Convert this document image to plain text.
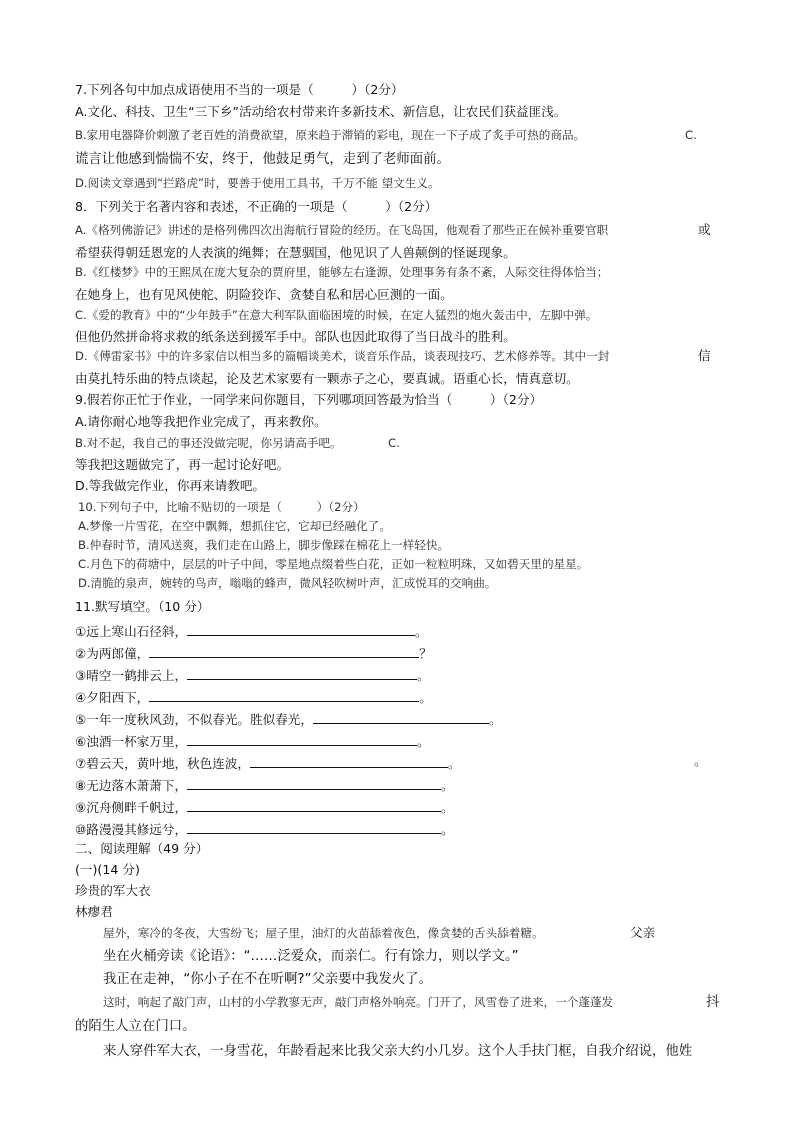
7.下列各句中加点成语使用不当的一项是（　　　）（2分）
A.文化、科技、卫生“三下乡”活动给农村带来许多新技术、新信息，让农民们获益匪浅。
B.家用电器降价刺激了老百姓的消费欲望，原来趋于滞销的彩电，现在一下子成了炙手可热的商品。	C.
谎言让他感到惴惴不安，终于，他鼓足勇气，走到了老师面前。
D.阅读文章遇到“拦路虎”时，要善于使用工具书，千万不能 望文生义。
8．下列关于名著内容和表述，不正确的一项是（　　　）（2分）
A.《格列佛游记》讲述的是格列佛四次出海航行冒险的经历。在飞岛国，他观看了那些正在候补重要官职	或
希望获得朝廷恩宠的人表演的绳舞；在慧骃国，他见识了人兽颠倒的怪诞现象。
B.《红楼梦》中的王熙凤在庞大复杂的贾府里，能够左右逢源，处理事务有条不紊，人际交往得体恰当；
在她身上，也有见风使舵、阴险狡诈、贪婪自私和居心叵测的一面。
C.《爱的教育》中的“少年鼓手”在意大利军队面临困境的时候，在定人猛烈的炮火轰击中，左脚中弹。
但他仍然拼命将求救的纸条送到援军手中。部队也因此取得了当日战斗的胜利。
D.《傅雷家书》中的许多家信以相当多的篇幅谈美术，谈音乐作品，谈表现技巧、艺术修养等。其中一封	信
由莫扎特乐曲的特点谈起，论及艺术家要有一颗赤子之心，要真诚。语重心长，情真意切。
9.假若你正忙于作业，一同学来问你题目，下列哪项回答最为恰当（　　　）（2分）
A.请你耐心地等我把作业完成了，再来教你。
B.对不起，我自己的事还没做完呢，你另请高手吧。	C.
等我把这题做完了，再一起讨论好吧。
D.等我做完作业，你再来请教吧。
10.下列句子中，比喻不贴切的一项是（　　　）（2分）
A.梦像一片雪花，在空中飘舞，想抓住它，它却已经融化了。
B.仲春时节，清风送爽，我们走在山路上，脚步像踩在棉花上一样轻快。
C.月色下的荷塘中，层层的叶子中间，零星地点缀着些白花，正如一粒粒明珠，又如碧天里的星星。
D.清脆的泉声，婉转的鸟声，嗡嗡的蜂声，微风轻吹树叶声，汇成悦耳的交响曲。
11.默写填空。（10 分）
①远上寒山石径斜，	。
②为两郎僮，	？
③晴空一鹤排云上，	。
④夕阳西下，	。
⑤一年一度秋风劲，不似春光。胜似春光，	。
⑥浊酒一杯家万里，	。
⑦碧云天，黄叶地，秋色连波，	。	。
⑧无边落木萧萧下，	。
⑨沉舟侧畔千帆过，	。
⑩路漫漫其修远兮，	。
二、阅读理解（49 分）
(一)(14 分)
珍贵的军大衣
林瘳君
屋外，寒冷的冬夜，大雪纷飞；屋子里，油灯的火苗舔着夜色，像贪婪的舌头舔着糖。	父亲
坐在火桶旁读《论语》：“……泛爱众，而亲仁。行有馀力，则以学文。”
我正在走神，“你小子在不在听啊?”父亲要中我发火了。
这时，响起了敲门声，山村的小学教寥无声，敲门声格外响亮。门开了，风雪卷了进来，一个蓬蓬发	抖
的陌生人立在门口。
来人穿件军大衣，一身雪花，年龄看起来比我父亲大约小几岁。这个人手扶门框，自我介绍说，他姓
